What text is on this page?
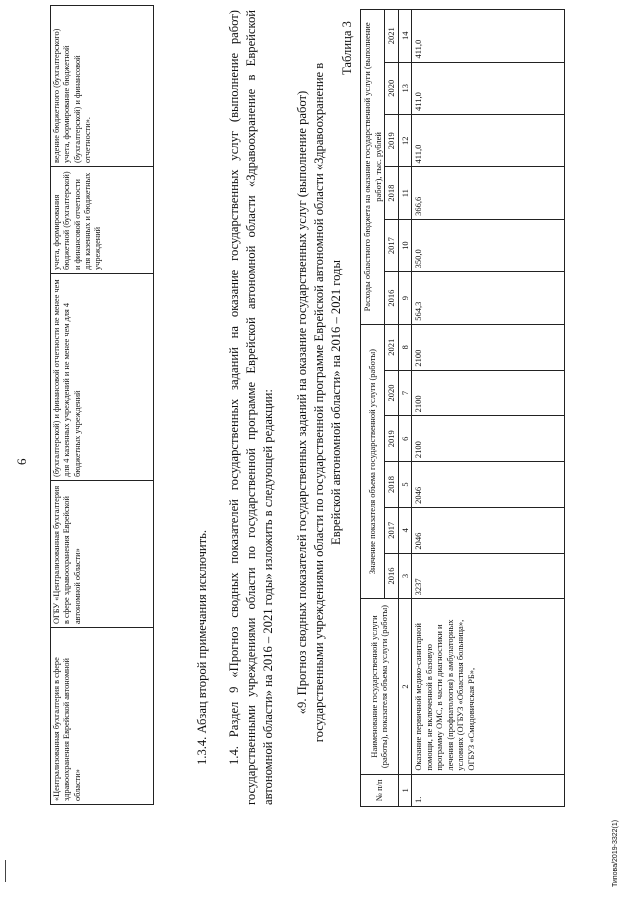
6
«Централизованная бухгалтерия в сфере здравоохранения Еврейской автономной области»	ОГБУ «Централизованная бухгалтерия в сфере здравоохранения Еврейской автономной области»	(бухгалтерской) и финансовой отчетности не менее чем для 4 казенных учреждений и не менее чем для 4 бюджетных учреждений	учета, формирования бюджетной (бухгалтерской) и финансовой отчетности для казенных и бюджетных учреждений	ведение бюджетного (бухгалтерского) учета, формирование бюджетной (бухгалтерской) и финансовой отчетности».
1.3.4. Абзац второй примечания исключить. 1.4. Раздел 9 «Прогноз сводных показателей государственных заданий на оказание государственных услуг (выполнение работ) государственными учреждениями области по государственной программе Еврейской автономной области «Здравоохранение в Еврейской автономной области» на 2016 – 2021 годы» изложить в следующей редакции: «9. Прогноз сводных показателей государственных заданий на оказание государственных услуг (выполнение работ) государственными учреждениями области по государственной программе Еврейской автономной области «Здравоохранение в Еврейской автономной области» на 2016 – 2021 годы
Таблица 3
№ п/п	Наименование государственной услуги (работы), показателя объема услуги (работы)	Значение показателя объема государственной услуги (работы)						Расходы областного бюджета на оказание государственной услуги (выполнение работ), тыс. рублей					
		2016	2017	2018	2019	2020	2021	2016	2017	2018	2019	2020	2021
1	2	3	4	5	6	7	8	9	10	11	12	13	14
1.	Оказание первичной медико-санитарной помощи, не включенной в базовую программу ОМС, в части диагностики и лечения (профпатология) в амбулаторных условиях (ОГБУЗ «Областная больница», ОГБУЗ «Смидовичская РБ»,	3237	2046	2046	2100	2100	2100	564,3	350,0	366,6	411,0	411,0	411,0
Типова/2019-3322(1)
